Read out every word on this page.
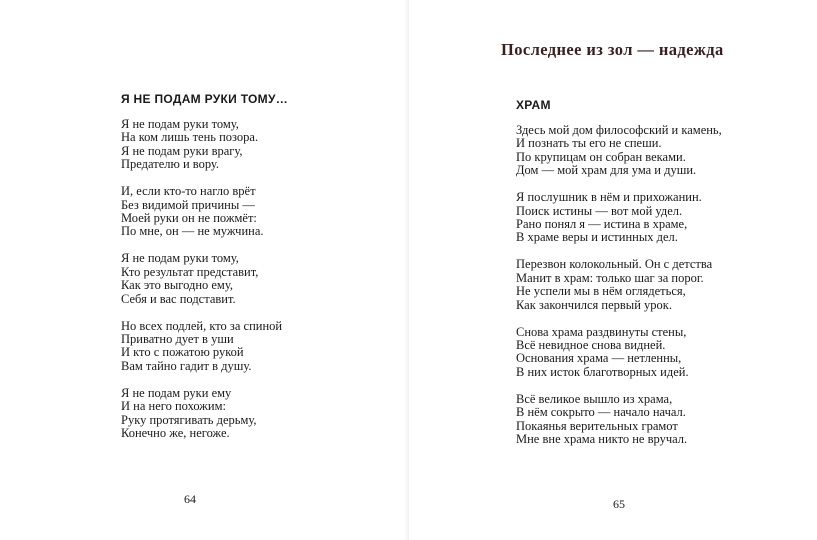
Я НЕ ПОДАМ РУКИ ТОМУ…
Я не подам руки тому,
На ком лишь тень позора.
Я не подам руки врагу,
Предателю и вору.
И, если кто-то нагло врёт
Без видимой причины —
Моей руки он не пожмёт:
По мне, он — не мужчина.
Я не подам руки тому,
Кто результат представит,
Как это выгодно ему,
Себя и вас подставит.
Но всех подлей, кто за спиной
Приватно дует в уши
И кто с пожатою рукой
Вам тайно гадит в душу.
Я не подам руки ему
И на него похожим:
Руку протягивать дерьму,
Конечно же, негоже.
64
Последнее из зол — надежда
ХРАМ
Здесь мой дом философский и камень,
И познать ты его не спеши.
По крупицам он собран веками.
Дом — мой храм для ума и души.
Я послушник в нём и прихожанин.
Поиск истины — вот мой удел.
Рано понял я — истина в храме,
В храме веры и истинных дел.
Перезвон колокольный. Он с детства
Манит в храм: только шаг за порог.
Не успели мы в нём оглядеться,
Как закончился первый урок.
Снова храма раздвинуты стены,
Всё невидное снова видней.
Основания храма — нетленны,
В них исток благотворных идей.
Всё великое вышло из храма,
В нём сокрыто — начало начал.
Покаянья верительных грамот
Мне вне храма никто не вручал.
65
